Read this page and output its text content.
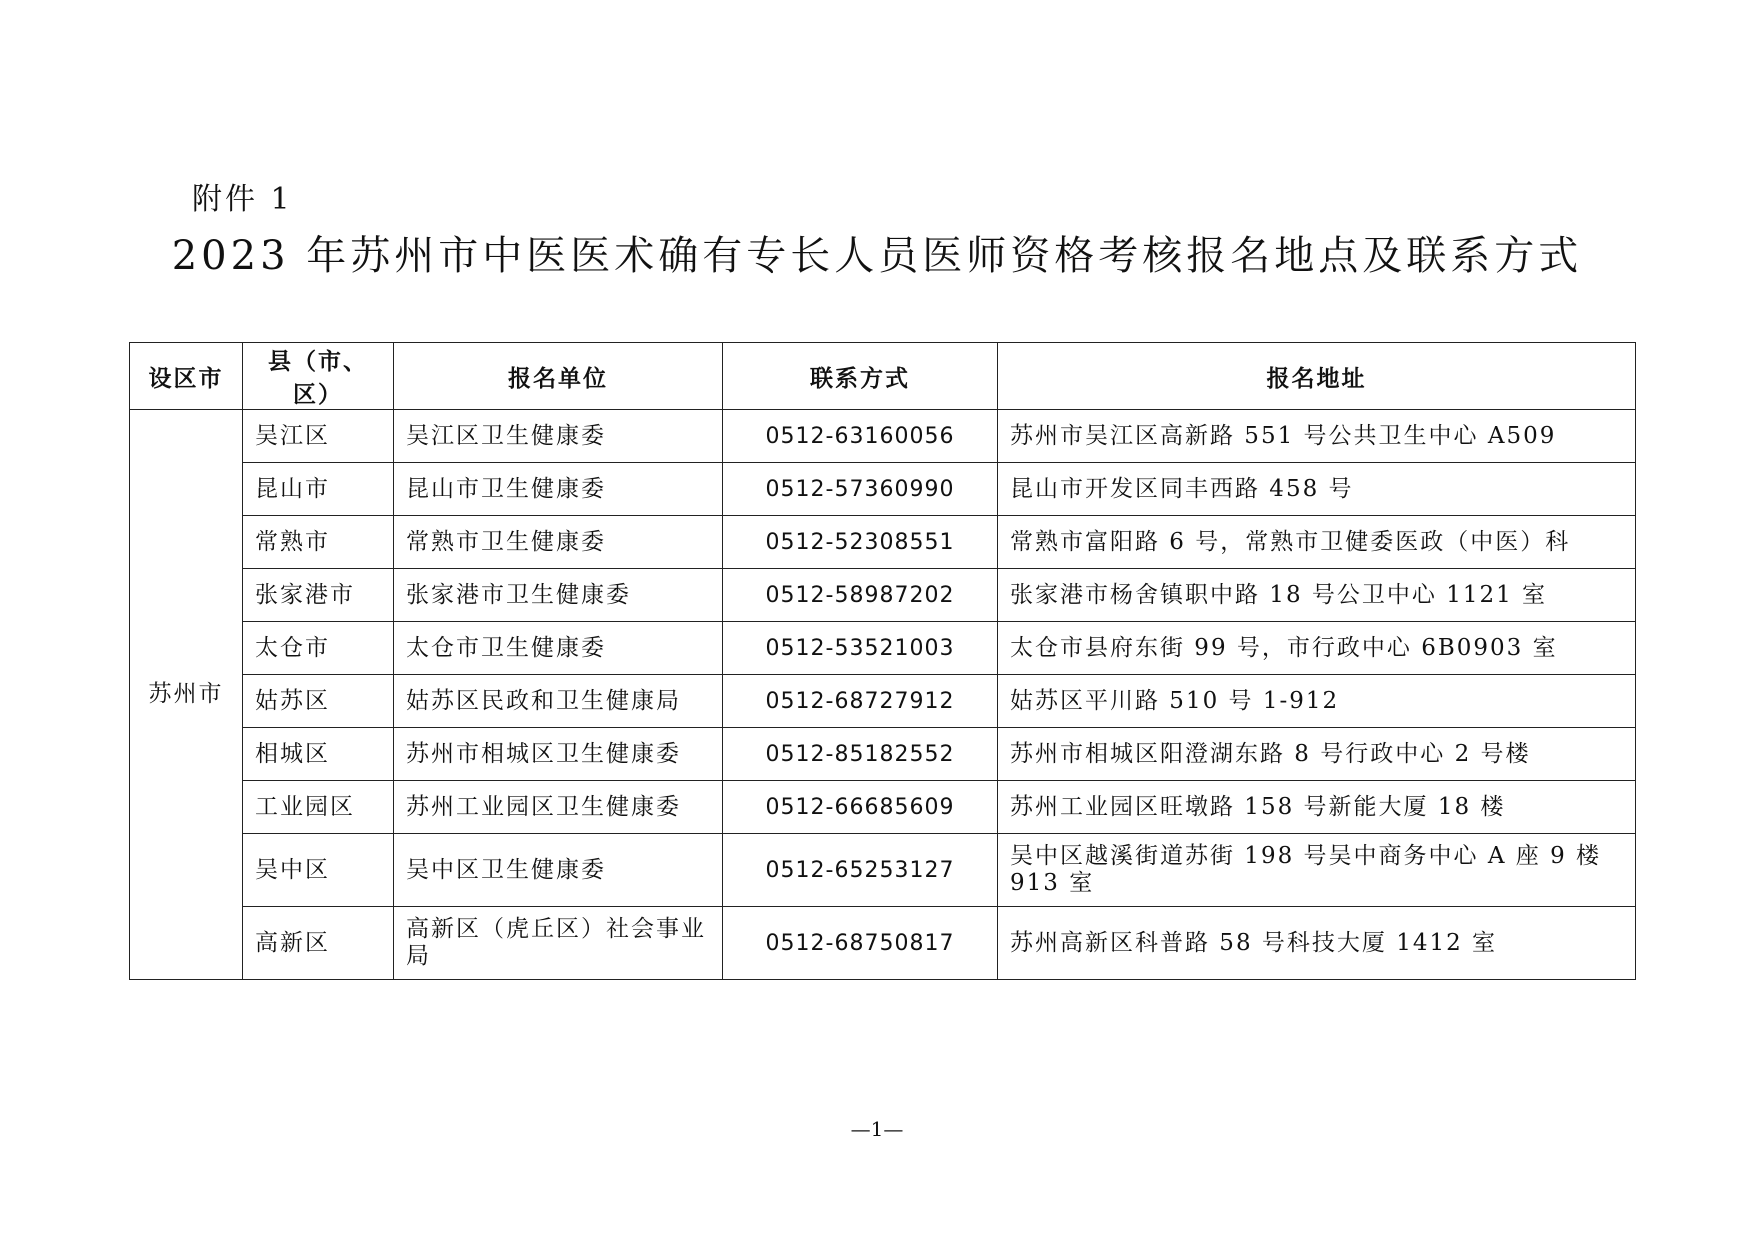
附件 1
2023 年苏州市中医医术确有专长人员医师资格考核报名地点及联系方式
设区市	县（市、区）	报名单位	联系方式	报名地址
苏州市	吴江区	吴江区卫生健康委	0512-63160056	苏州市吴江区高新路 551 号公共卫生中心 A509
	昆山市	昆山市卫生健康委	0512-57360990	昆山市开发区同丰西路 458 号
	常熟市	常熟市卫生健康委	0512-52308551	常熟市富阳路 6 号，常熟市卫健委医政（中医）科
	张家港市	张家港市卫生健康委	0512-58987202	张家港市杨舍镇职中路 18 号公卫中心 1121 室
	太仓市	太仓市卫生健康委	0512-53521003	太仓市县府东街 99 号，市行政中心 6B0903 室
	姑苏区	姑苏区民政和卫生健康局	0512-68727912	姑苏区平川路 510 号 1-912
	相城区	苏州市相城区卫生健康委	0512-85182552	苏州市相城区阳澄湖东路 8 号行政中心 2 号楼
	工业园区	苏州工业园区卫生健康委	0512-66685609	苏州工业园区旺墩路 158 号新能大厦 18 楼
	吴中区	吴中区卫生健康委	0512-65253127	吴中区越溪街道苏街 198 号吴中商务中心 A 座 9 楼 913 室
	高新区	高新区（虎丘区）社会事业局	0512-68750817	苏州高新区科普路 58 号科技大厦 1412 室
—1—
